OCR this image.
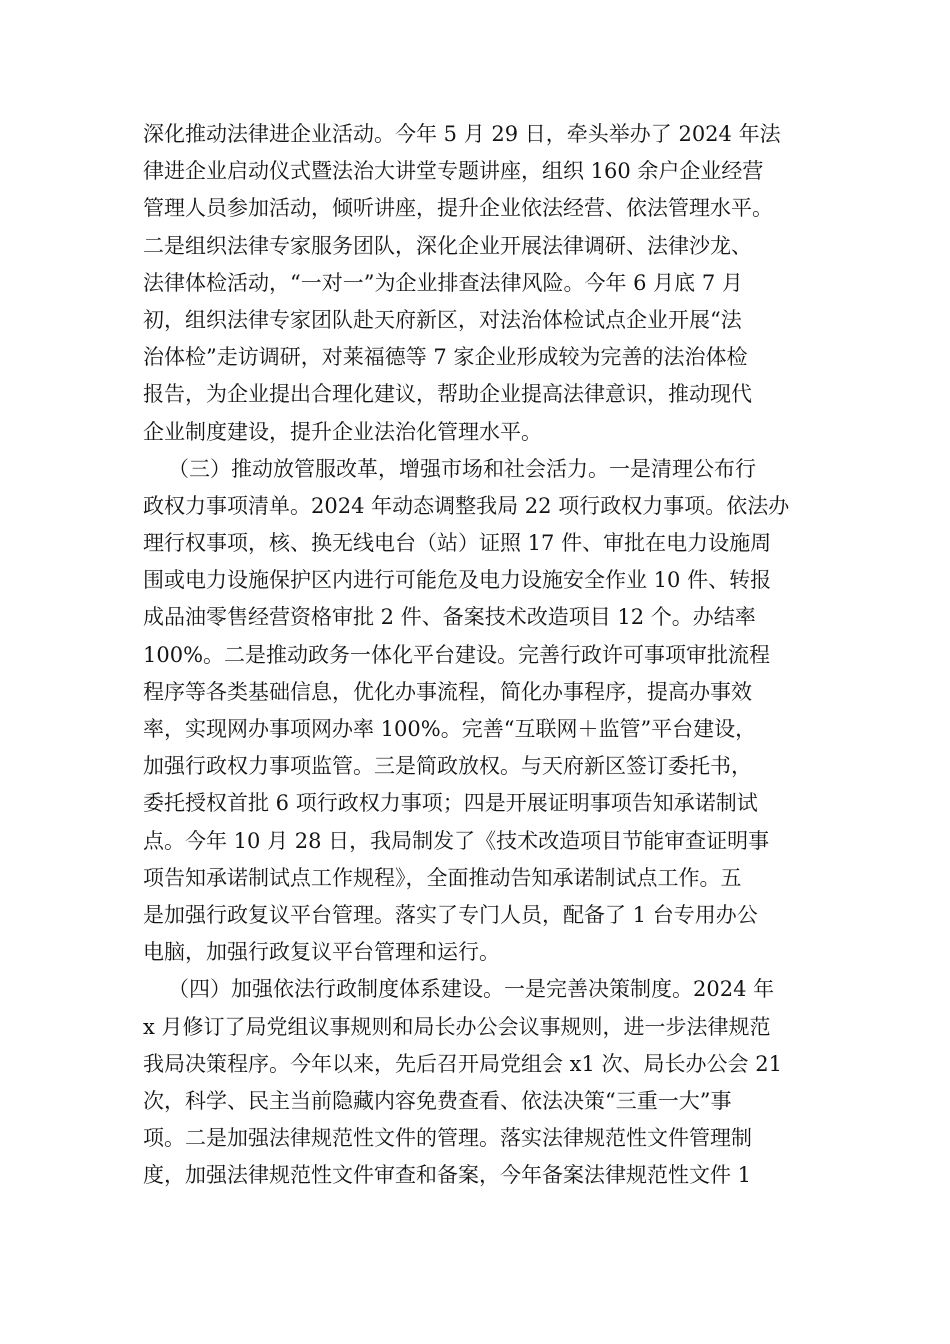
深化推动法律进企业活动。今年 5 月 29 日，牵头举办了 2024 年法
律进企业启动仪式暨法治大讲堂专题讲座，组织 160 余户企业经营
管理人员参加活动，倾听讲座，提升企业依法经营、依法管理水平。
二是组织法律专家服务团队，深化企业开展法律调研、法律沙龙、
法律体检活动，“一对一”为企业排查法律风险。今年 6 月底 7 月
初，组织法律专家团队赴天府新区，对法治体检试点企业开展“法
治体检”走访调研，对莱福德等 7 家企业形成较为完善的法治体检
报告，为企业提出合理化建议，帮助企业提高法律意识，推动现代
企业制度建设，提升企业法治化管理水平。
（三）推动放管服改革，增强市场和社会活力。一是清理公布行
政权力事项清单。2024 年动态调整我局 22 项行政权力事项。依法办
理行权事项，核、换无线电台（站）证照 17 件、审批在电力设施周
围或电力设施保护区内进行可能危及电力设施安全作业 10 件、转报
成品油零售经营资格审批 2 件、备案技术改造项目 12 个。办结率
100%。二是推动政务一体化平台建设。完善行政许可事项审批流程
程序等各类基础信息，优化办事流程，简化办事程序，提高办事效
率，实现网办事项网办率 100%。完善“互联网＋监管”平台建设，
加强行政权力事项监管。三是简政放权。与天府新区签订委托书，
委托授权首批 6 项行政权力事项；四是开展证明事项告知承诺制试
点。今年 10 月 28 日，我局制发了《技术改造项目节能审查证明事
项告知承诺制试点工作规程》，全面推动告知承诺制试点工作。五
是加强行政复议平台管理。落实了专门人员，配备了 1 台专用办公
电脑，加强行政复议平台管理和运行。
（四）加强依法行政制度体系建设。一是完善决策制度。2024 年
x 月修订了局党组议事规则和局长办公会议事规则，进一步法律规范
我局决策程序。今年以来，先后召开局党组会 x1 次、局长办公会 21
次，科学、民主当前隐藏内容免费查看、依法决策“三重一大”事
项。二是加强法律规范性文件的管理。落实法律规范性文件管理制
度，加强法律规范性文件审查和备案，今年备案法律规范性文件 1
